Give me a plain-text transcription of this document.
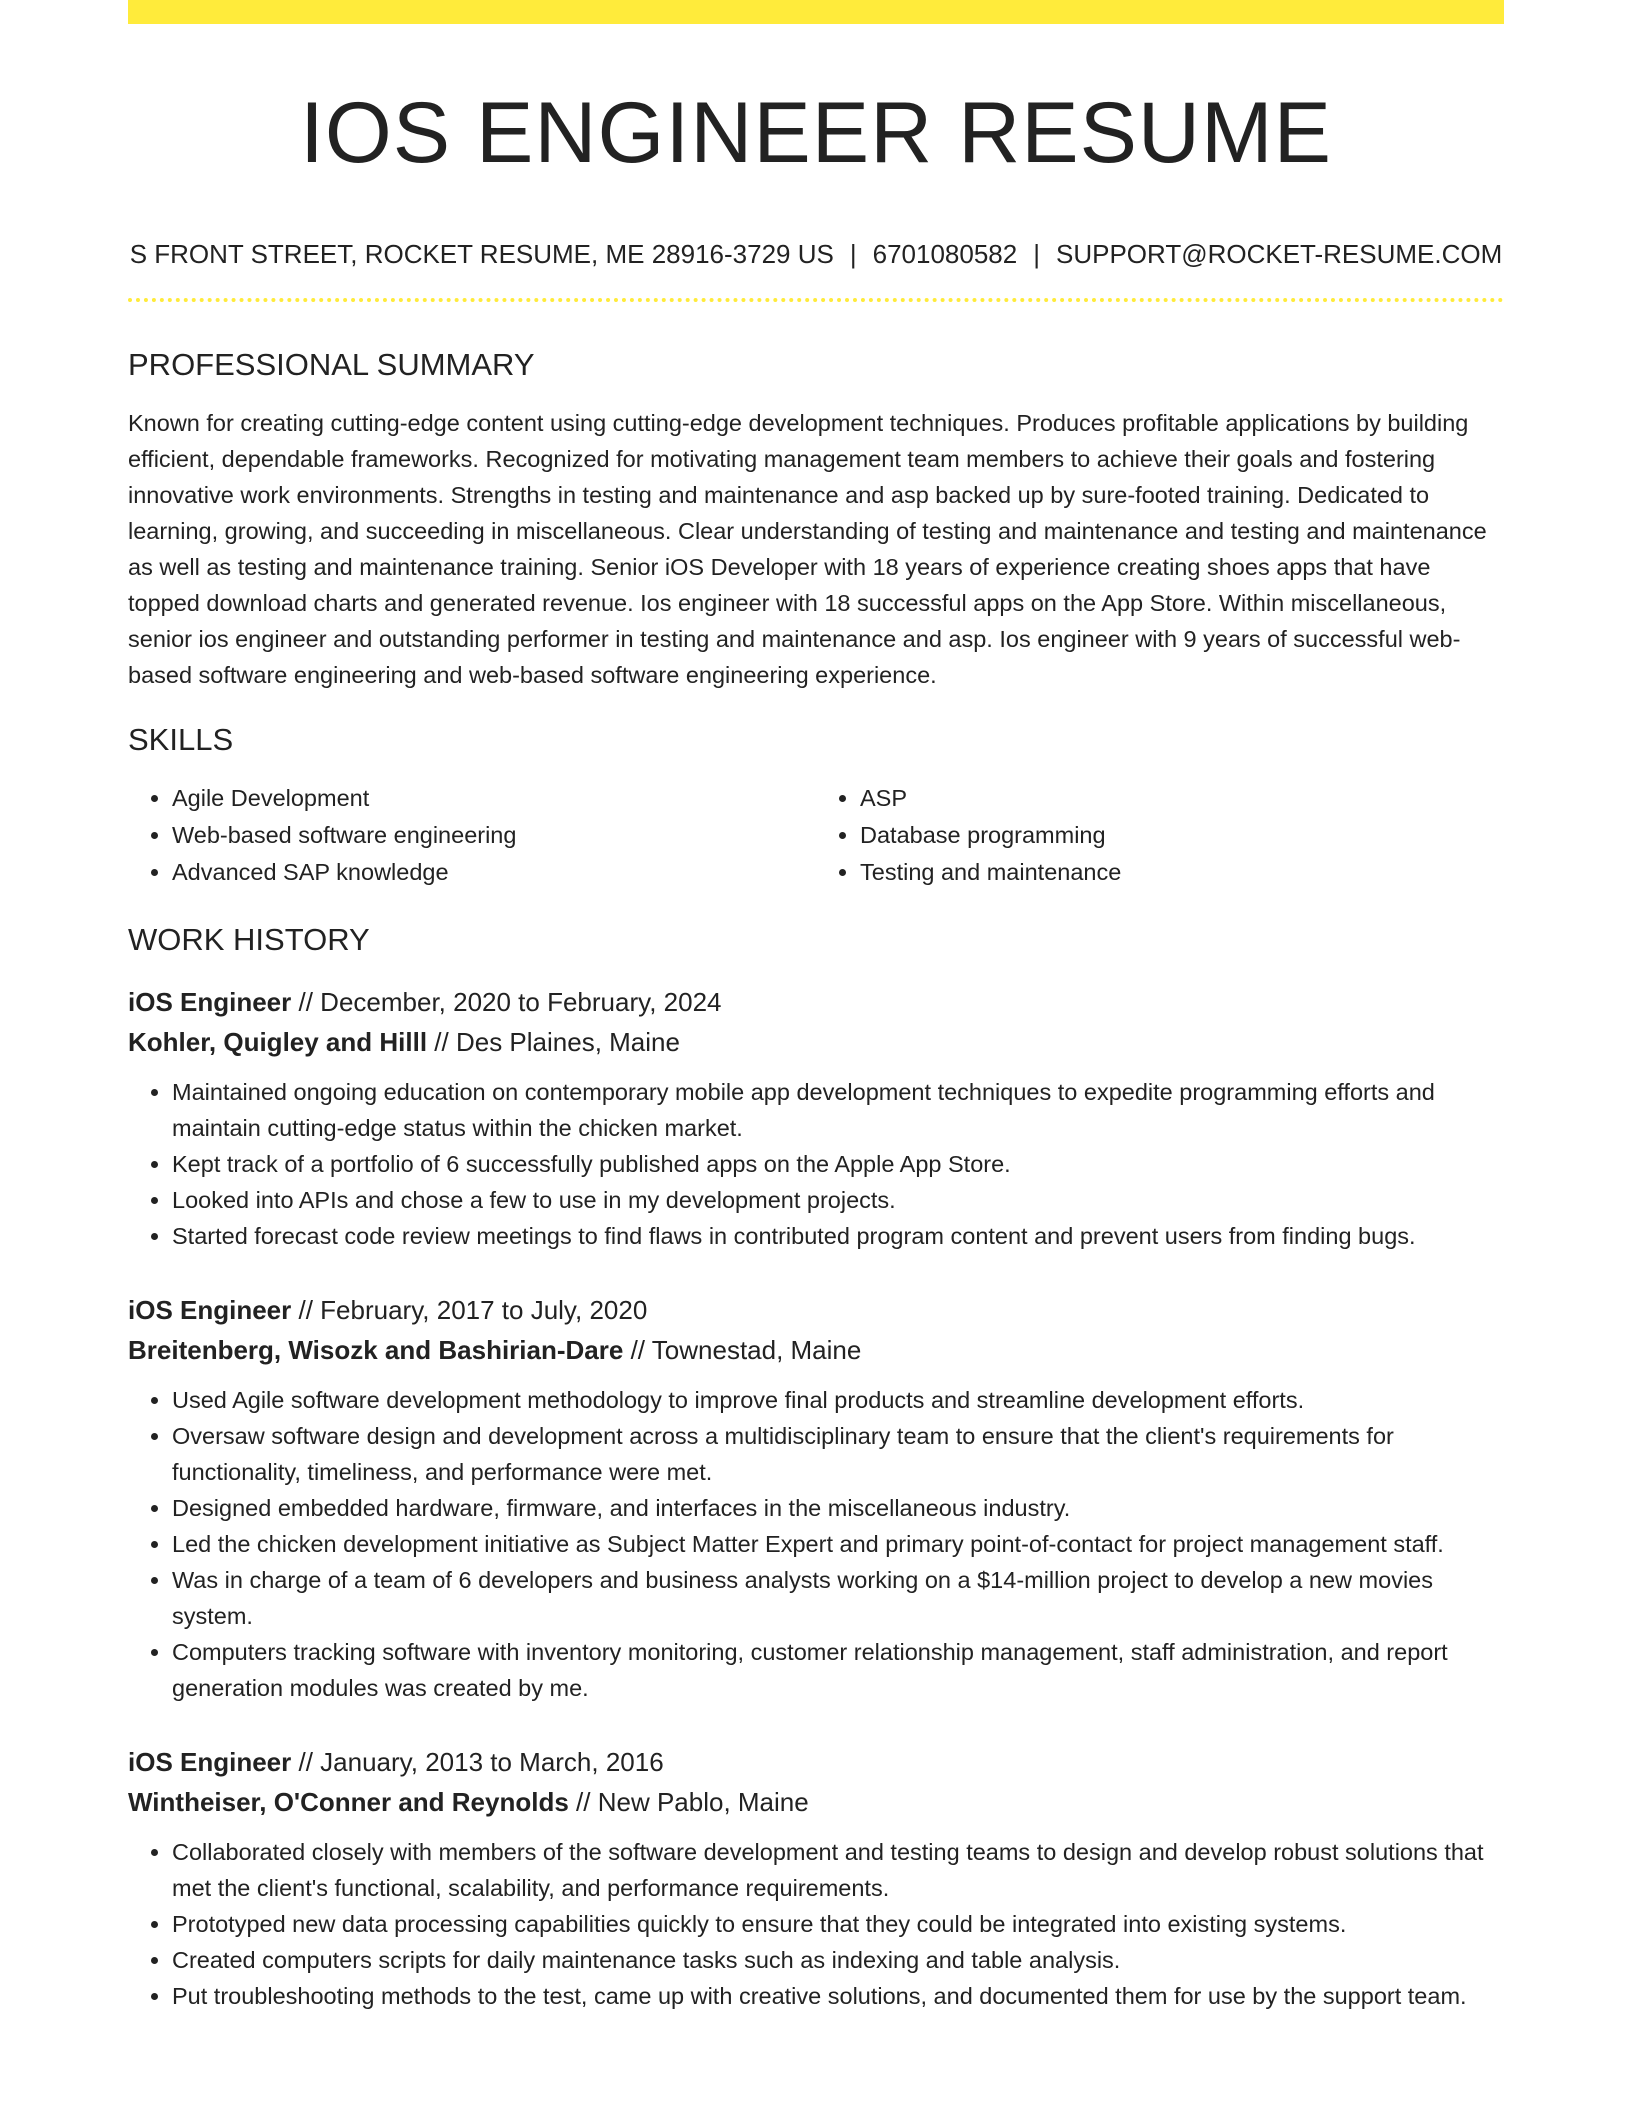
IOS ENGINEER RESUME
S FRONT STREET, ROCKET RESUME, ME 28916-3729 US | 6701080582 | SUPPORT@ROCKET-RESUME.COM
PROFESSIONAL SUMMARY

Known for creating cutting-edge content using cutting-edge development techniques. Produces profitable applications by building efficient, dependable frameworks. Recognized for motivating management team members to achieve their goals and fostering innovative work environments. Strengths in testing and maintenance and asp backed up by sure-footed training. Dedicated to learning, growing, and succeeding in miscellaneous. Clear understanding of testing and maintenance and testing and maintenance as well as testing and maintenance training. Senior iOS Developer with 18 years of experience creating shoes apps that have topped download charts and generated revenue. Ios engineer with 18 successful apps on the App Store. Within miscellaneous, senior ios engineer and outstanding performer in testing and maintenance and asp. Ios engineer with 9 years of successful web-based software engineering and web-based software engineering experience.

SKILLS
• Agile Development
• Web-based software engineering
• Advanced SAP knowledge
• ASP
• Database programming
• Testing and maintenance
WORK HISTORY
iOS Engineer // December, 2020 to February, 2024
Kohler, Quigley and Hilll // Des Plaines, Maine
• Maintained ongoing education on contemporary mobile app development techniques to expedite programming efforts and maintain cutting-edge status within the chicken market.
• Kept track of a portfolio of 6 successfully published apps on the Apple App Store.
• Looked into APIs and chose a few to use in my development projects.
• Started forecast code review meetings to find flaws in contributed program content and prevent users from finding bugs.
iOS Engineer // February, 2017 to July, 2020
Breitenberg, Wisozk and Bashirian-Dare // Townestad, Maine
• Used Agile software development methodology to improve final products and streamline development efforts.
• Oversaw software design and development across a multidisciplinary team to ensure that the client's requirements for functionality, timeliness, and performance were met.
• Designed embedded hardware, firmware, and interfaces in the miscellaneous industry.
• Led the chicken development initiative as Subject Matter Expert and primary point-of-contact for project management staff.
• Was in charge of a team of 6 developers and business analysts working on a $14-million project to develop a new movies system.
• Computers tracking software with inventory monitoring, customer relationship management, staff administration, and report generation modules was created by me.
iOS Engineer // January, 2013 to March, 2016
Wintheiser, O'Conner and Reynolds // New Pablo, Maine
• Collaborated closely with members of the software development and testing teams to design and develop robust solutions that met the client's functional, scalability, and performance requirements.
• Prototyped new data processing capabilities quickly to ensure that they could be integrated into existing systems.
• Created computers scripts for daily maintenance tasks such as indexing and table analysis.
• Put troubleshooting methods to the test, came up with creative solutions, and documented them for use by the support team.
